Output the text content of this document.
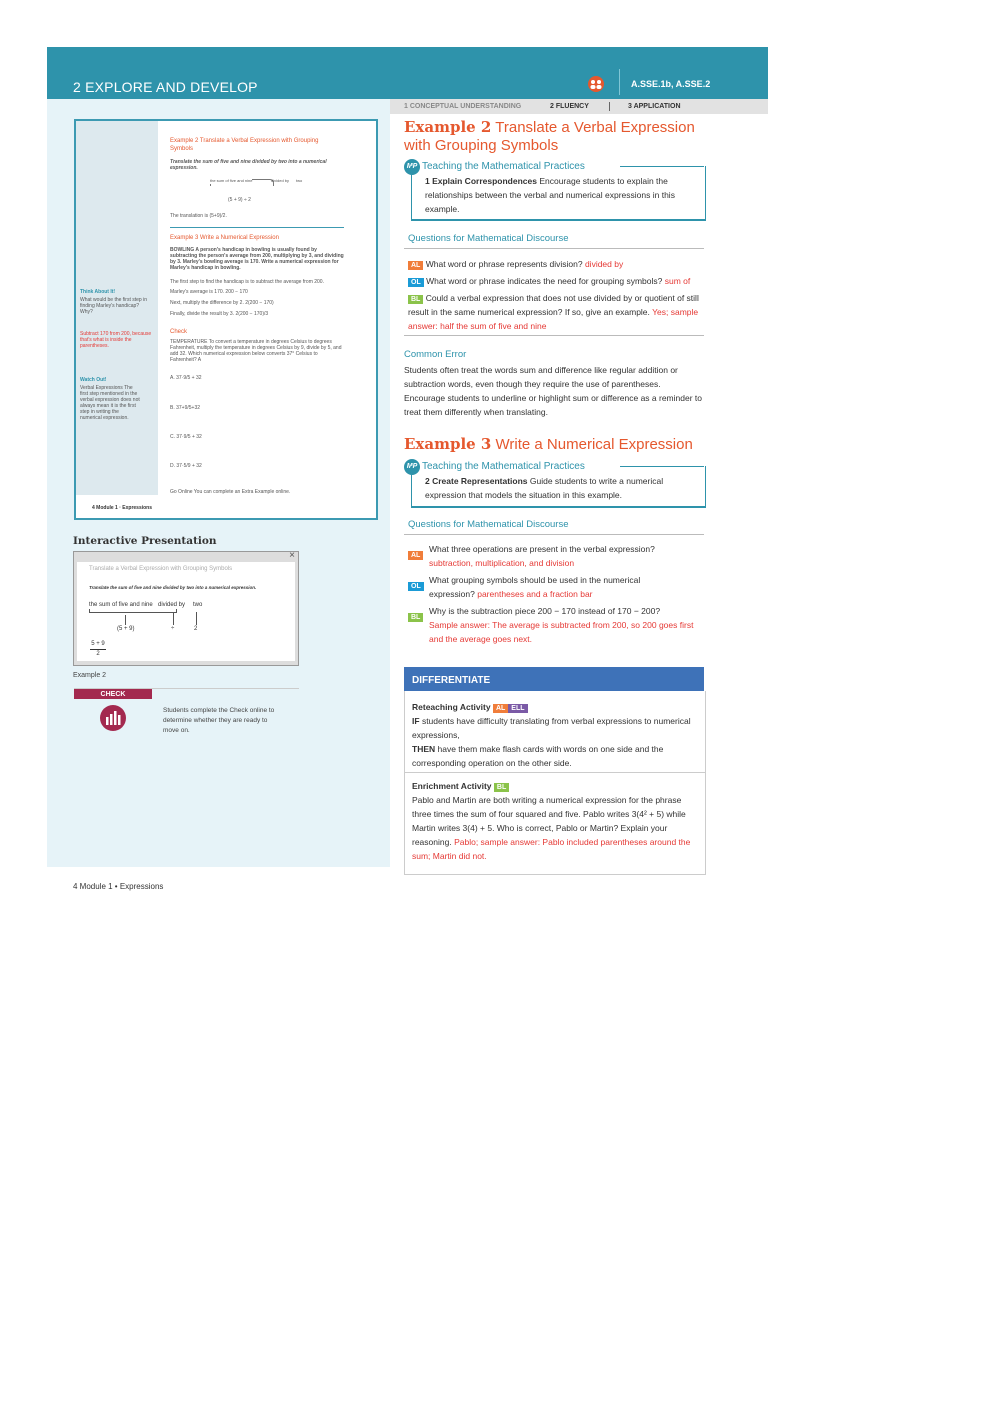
2 EXPLORE AND DEVELOP	A.SSE.1b, A.SSE.2
1 CONCEPTUAL UNDERSTANDING	2 FLUENCY	3 APPLICATION
Example 2 Translate a Verbal Expression with Grouping Symbols
Translate the sum of five and nine divided by two into a numerical expression.
the sum of five and nine	divided by two
(5 + 9) ÷ 2
The translation is (5+9)/2.
Example 3 Write a Numerical Expression
BOWLING A person's handicap in bowling is usually found by subtracting the person's average from 200, multiplying by 3, and dividing by 3. Marley's bowling average is 170. Write a numerical expression for Marley's handicap in bowling.
The first step to find the handicap is to subtract the average from 200.
Marley's average is 170. 200 − 170
Next, multiply the difference by 2. 2(200 − 170)
Finally, divide the result by 3. 2(200 − 170)/3
Think About It!
What would be the first step in finding Marley's handicap? Why?
Subtract 170 from 200, because that's what is inside the parentheses.
Check
TEMPERATURE To convert a temperature in degrees Celsius to degrees Fahrenheit, multiply the temperature in degrees Celsius by 9, divide by 5, and add 32. Which numerical expression below converts 37° Celsius to Fahrenheit? A
Watch Out!
Verbal Expressions The first step mentioned in the verbal expression does not always mean it is the first step in writing the numerical expression.
A. 37·9/5 + 32
B. 37+9/5+32
C. 37·9/5 + 32
D. 37·5/9 + 32
Go Online You can complete an Extra Example online.
4 Module 1 · Expressions
Interactive Presentation
×
Translate a Verbal Expression with Grouping Symbols
Translate the sum of five and nine divided by two into a numerical expression.
the sum of five and nine divided by two
(5 + 9)	÷	2
5 + 9
2
Example 2
CHECK
Students complete the Check online to determine whether they are ready to move on.
Example 2 Translate a Verbal Expression with Grouping Symbols
MP Teaching the Mathematical Practices
1 Explain Correspondences Encourage students to explain the relationships between the verbal and numerical expressions in this example.
Questions for Mathematical Discourse
AL What word or phrase represents division? divided by
OL What word or phrase indicates the need for grouping symbols? sum of
BL Could a verbal expression that does not use divided by or quotient of still result in the same numerical expression? If so, give an example. Yes; sample answer: half the sum of five and nine
Common Error
Students often treat the words sum and difference like regular addition or subtraction words, even though they require the use of parentheses. Encourage students to underline or highlight sum or difference as a reminder to treat them differently when translating.
Example 3 Write a Numerical Expression
MP Teaching the Mathematical Practices
2 Create Representations Guide students to write a numerical expression that models the situation in this example.
Questions for Mathematical Discourse
AL
What three operations are present in the verbal expression?
subtraction, multiplication, and division
OL
What grouping symbols should be used in the numerical expression? parentheses and a fraction bar
BL
Why is the subtraction piece 200 − 170 instead of 170 − 200?
Sample answer: The average is subtracted from 200, so 200 goes first and the average goes next.
DIFFERENTIATE
Reteaching Activity AL ELL
IF students have difficulty translating from verbal expressions to numerical expressions,
THEN have them make flash cards with words on one side and the corresponding operation on the other side.
Enrichment Activity BL
Pablo and Martin are both writing a numerical expression for the phrase three times the sum of four squared and five. Pablo writes 3(4² + 5) while Martin writes 3(4) + 5. Who is correct, Pablo or Martin? Explain your reasoning. Pablo; sample answer: Pablo included parentheses around the sum; Martin did not.
4 Module 1 • Expressions
